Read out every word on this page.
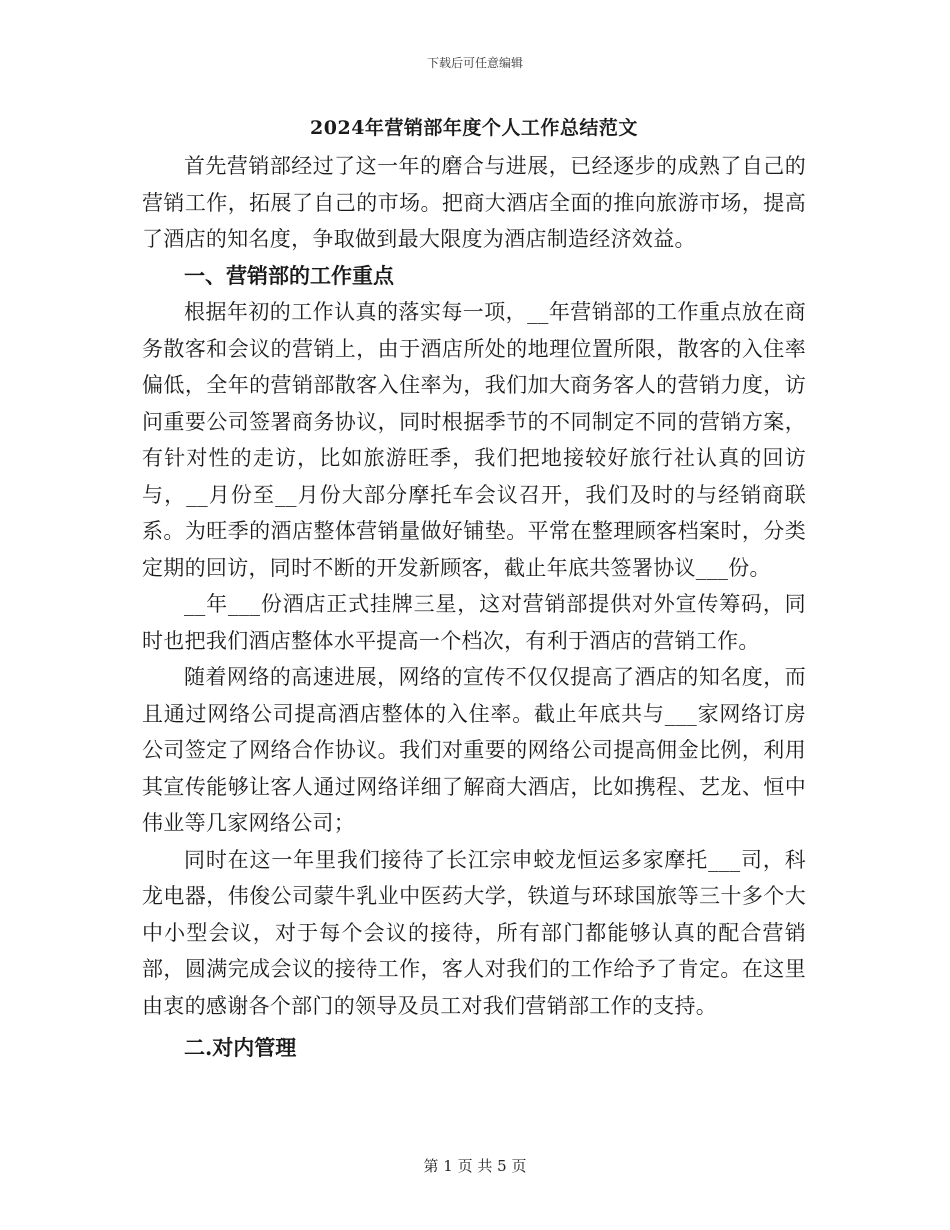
下载后可任意编辑
2024年营销部年度个人工作总结范文

首先营销部经过了这一年的磨合与进展，已经逐步的成熟了自己的营销工作，拓展了自己的市场。把商大酒店全面的推向旅游市场，提高了酒店的知名度，争取做到最大限度为酒店制造经济效益。

一、营销部的工作重点

根据年初的工作认真的落实每一项，__年营销部的工作重点放在商务散客和会议的营销上，由于酒店所处的地理位置所限，散客的入住率偏低，全年的营销部散客入住率为，我们加大商务客人的营销力度，访问重要公司签署商务协议，同时根据季节的不同制定不同的营销方案，有针对性的走访，比如旅游旺季，我们把地接较好旅行社认真的回访与，__月份至__月份大部分摩托车会议召开，我们及时的与经销商联系。为旺季的酒店整体营销量做好铺垫。平常在整理顾客档案时，分类定期的回访，同时不断的开发新顾客，截止年底共签署协议___份。

__年___份酒店正式挂牌三星，这对营销部提供对外宣传筹码，同时也把我们酒店整体水平提高一个档次，有利于酒店的营销工作。

随着网络的高速进展，网络的宣传不仅仅提高了酒店的知名度，而且通过网络公司提高酒店整体的入住率。截止年底共与___家网络订房公司签定了网络合作协议。我们对重要的网络公司提高佣金比例，利用其宣传能够让客人通过网络详细了解商大酒店，比如携程、艺龙、恒中伟业等几家网络公司；

同时在这一年里我们接待了长江宗申蛟龙恒运多家摩托___司，科龙电器，伟俊公司蒙牛乳业中医药大学，铁道与环球国旅等三十多个大中小型会议，对于每个会议的接待，所有部门都能够认真的配合营销部，圆满完成会议的接待工作，客人对我们的工作给予了肯定。在这里由衷的感谢各个部门的领导及员工对我们营销部工作的支持。

二.对内管理

第 1 页 共 5 页
